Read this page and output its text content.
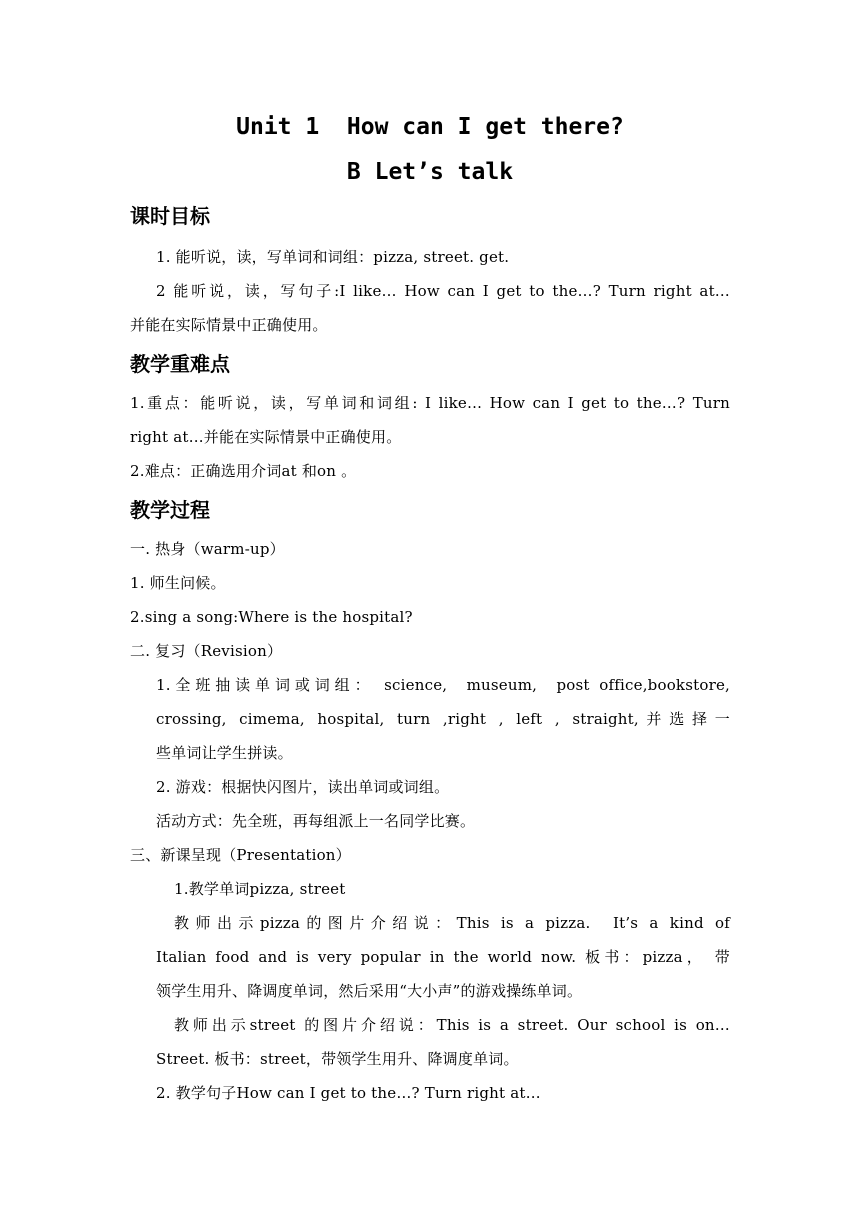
Unit 1  How can I get there?
B Let’s talk
课时目标
1. 能听说，读，写单词和词组：pizza, street. get.
2 能听说，读，写句子:I like… How can I get to the…? Turn right at…
并能在实际情景中正确使用。
教学重难点
1.重点：能听说，读，写单词和词组: I like… How can I get to the…? Turn
right at…并能在实际情景中正确使用。
2.难点：正确选用介词at 和on 。
教学过程
一. 热身（warm-up）
1. 师生问候。
2.sing a song:Where is the hospital?
二. 复习（Revision）
1.全班抽读单词或词组： science,  museum,  post office,bookstore,
crossing, cimema, hospital, turn ,right , left , straight,并选择一
些单词让学生拼读。
2. 游戏：根据快闪图片，读出单词或词组。
活动方式：先全班，再每组派上一名同学比赛。
三、新课呈现（Presentation）
1.教学单词pizza, street
教师出示pizza的图片介绍说：This is a pizza.  It’s a kind of
Italian food and is very popular in the world now. 板书：pizza， 带
领学生用升、降调度单词，然后采用“大小声”的游戏操练单词。
教师出示street 的图片介绍说：This is a street. Our school is on…
Street. 板书：street，带领学生用升、降调度单词。
2. 教学句子How can I get to the…? Turn right at…
